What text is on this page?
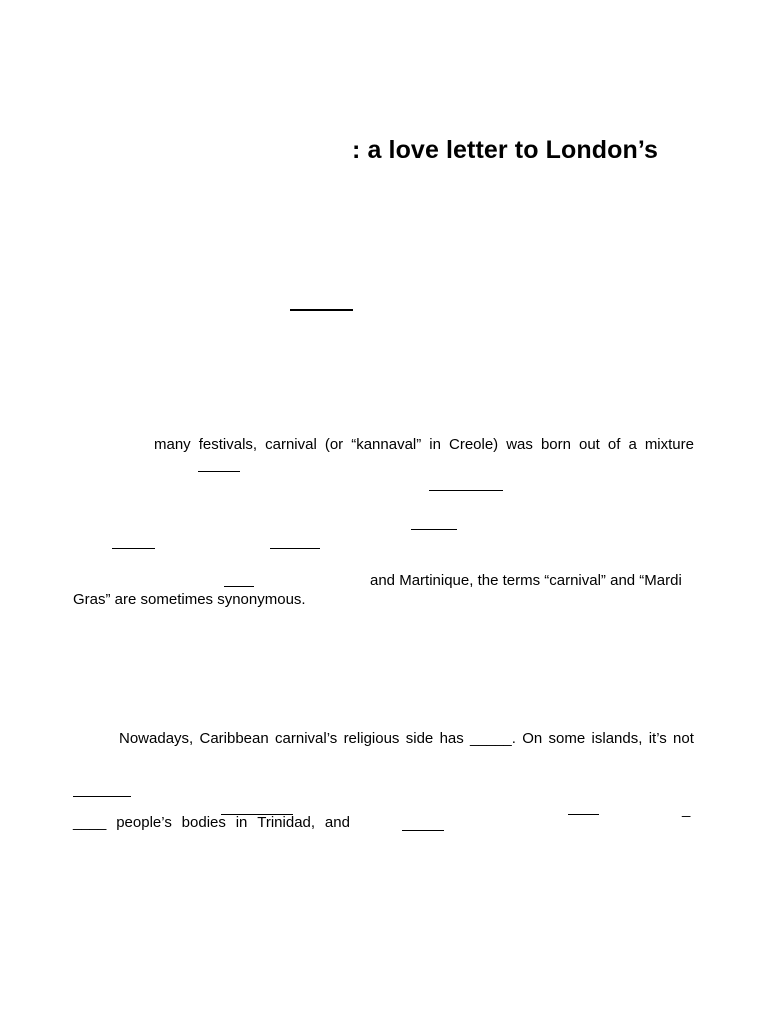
: a love letter to London’s
many festivals, carnival (or “kannaval” in Creole) was born out of a mixture
and Martinique, the terms “carnival” and “Mardi
Gras” are sometimes synonymous.
Nowadays, Caribbean carnival’s religious side has _____. On some islands, it’s not
_
____ people’s bodies in Trinidad, and
